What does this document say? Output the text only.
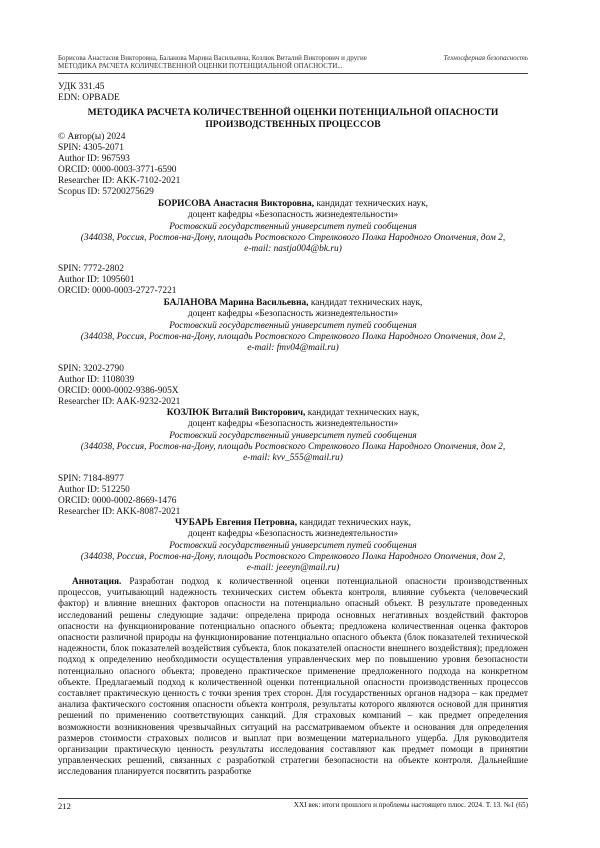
Борисова Анастасия Викторовна, Баланова Марина Васильевна, Козлюк Виталий Викторович и другие
МЕТОДИКА РАСЧЕТА КОЛИЧЕСТВЕННОЙ ОЦЕНКИ ПОТЕНЦИАЛЬНОЙ ОПАСНОСТИ...
Техносферная безопасность
УДК 331.45
EDN: OPBADE
МЕТОДИКА РАСЧЕТА КОЛИЧЕСТВЕННОЙ ОЦЕНКИ ПОТЕНЦИАЛЬНОЙ ОПАСНОСТИ
ПРОИЗВОДСТВЕННЫХ ПРОЦЕССОВ
© Автор(ы) 2024
SPIN: 4305-2071
Author ID: 967593
ORCID: 0000-0003-3771-6590
Researcher ID: AKK-7102-2021
Scopus ID: 57200275629
БОРИСОВА Анастасия Викторовна, кандидат технических наук,
доцент кафедры «Безопасность жизнедеятельности»
Ростовский государственный университет путей сообщения
(344038, Россия, Ростов-на-Дону, площадь Ростовского Стрелкового Полка Народного Ополчения, дом 2,
e-mail: nastja004@bk.ru)
SPIN: 7772-2802
Author ID: 1095601
ORCID: 0000-0003-2727-7221
БАЛАНОВА Марина Васильевна, кандидат технических наук,
доцент кафедры «Безопасность жизнедеятельности»
Ростовский государственный университет путей сообщения
(344038, Россия, Ростов-на-Дону, площадь Ростовского Стрелкового Полка Народного Ополчения, дом 2,
e-mail: fmv04@mail.ru)
SPIN: 3202-2790
Author ID: 1108039
ORCID: 0000-0002-9386-905X
Researcher ID: AAK-9232-2021
КОЗЛЮК Виталий Викторович, кандидат технических наук,
доцент кафедры «Безопасность жизнедеятельности»
Ростовский государственный университет путей сообщения
(344038, Россия, Ростов-на-Дону, площадь Ростовского Стрелкового Полка Народного Ополчения, дом 2,
e-mail: kvv_555@mail.ru)
SPIN: 7184-8977
Author ID: 512250
ORCID: 0000-0002-8669-1476
Researcher ID: AKK-8087-2021
ЧУБАРЬ Евгения Петровна, кандидат технических наук,
доцент кафедры «Безопасность жизнедеятельности»
Ростовский государственный университет путей сообщения
(344038, Россия, Ростов-на-Дону, площадь Ростовского Стрелкового Полка Народного Ополчения, дом 2,
e-mail: jeeeyn@mail.ru)
Аннотация. Разработан подход к количественной оценки потенциальной опасности производственных процессов, учитывающий надежность технических систем объекта контроля, влияние субъекта (человеческий фактор) и влияние внешних факторов опасности на потенциально опасный объект. В результате проведенных исследований решены следующие задачи: определена природа основных негативных воздействий факторов опасности на функционирование потенциально опасного объекта; предложена количественная оценка факторов опасности различной природы на функционирование потенциально опасного объекта (блок показателей технической надежности, блок показателей воздействия субъекта, блок показателей опасности внешнего воздействия); предложен подход к определению необходимости осуществления управленческих мер по повышению уровня безопасности потенциально опасного объекта; проведено практическое применение предложенного подхода на конкретном объекте. Предлагаемый подход к количественной оценки потенциальной опасности производственных процессов составляет практическую ценность с точки зрения трех сторон. Для государственных органов надзора – как предмет анализа фактического состояния опасности объекта контроля, результаты которого являются основой для принятия решений по применению соответствующих санкций. Для страховых компаний – как предмет определения возможности возникновения чрезвычайных ситуаций на рассматриваемом объекте и основания для определения размеров стоимости страховых полисов и выплат при возмещении материального ущерба. Для руководителя организации практическую ценность результаты исследования составляют как предмет помощи в принятии управленческих решений, связанных с разработкой стратегии безопасности на объекте контроля. Дальнейшие исследования планируется посвятить разработке
212	XXI век: итоги прошлого и проблемы настоящего плюс. 2024. Т. 13. №1 (65)
